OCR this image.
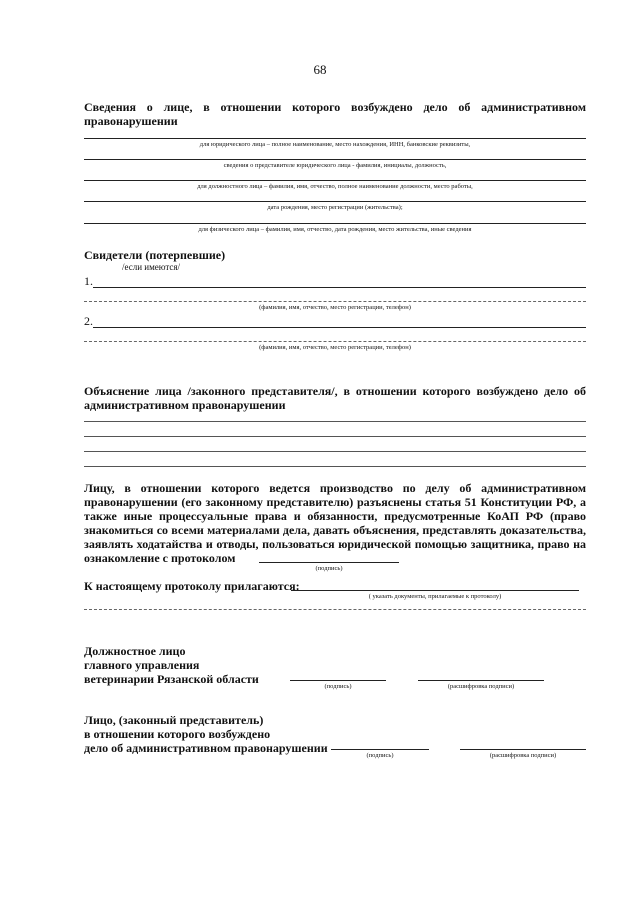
68
Сведения о лице, в отношении которого возбуждено дело об административном
правонарушении
для юридического лица – полное наименование, место нахождения, ИНН, банковские реквизиты,
сведения о представителе юридического лица - фамилия, инициалы, должность,
для должностного лица – фамилия, имя, отчество, полное наименование должности, место работы,
дата рождения, место регистрации (жительства);
для физического лица – фамилия, имя, отчество, дата рождения, место жительства, иные сведения
Свидетели (потерпевшие)
/если имеются/
1.
(фамилия, имя, отчество, место регистрации, телефон)
2.
(фамилия, имя, отчество, место регистрации, телефон)
Объяснение лица /законного представителя/, в отношении которого возбуждено дело об
административном правонарушении
Лицу, в отношении которого ведется производство по делу об административном
правонарушении (его законному представителю) разъяснены статья 51 Конституции РФ, а
также иные процессуальные права и обязанности, предусмотренные КоАП РФ (право
знакомиться со всеми материалами дела, давать объяснения, представлять доказательства,
заявлять ходатайства и отводы, пользоваться юридической помощью защитника, право на
ознакомление с протоколом
(подпись)
К настоящему протоколу прилагаются:
( указать документы, прилагаемые к протоколу)
Должностное лицо
главного управления
ветеринарии Рязанской области
(подпись)	(расшифровка подписи)
Лицо, (законный представитель)
в отношении которого возбуждено
дело об административном правонарушении
(подпись)	(расшифровка подписи)
